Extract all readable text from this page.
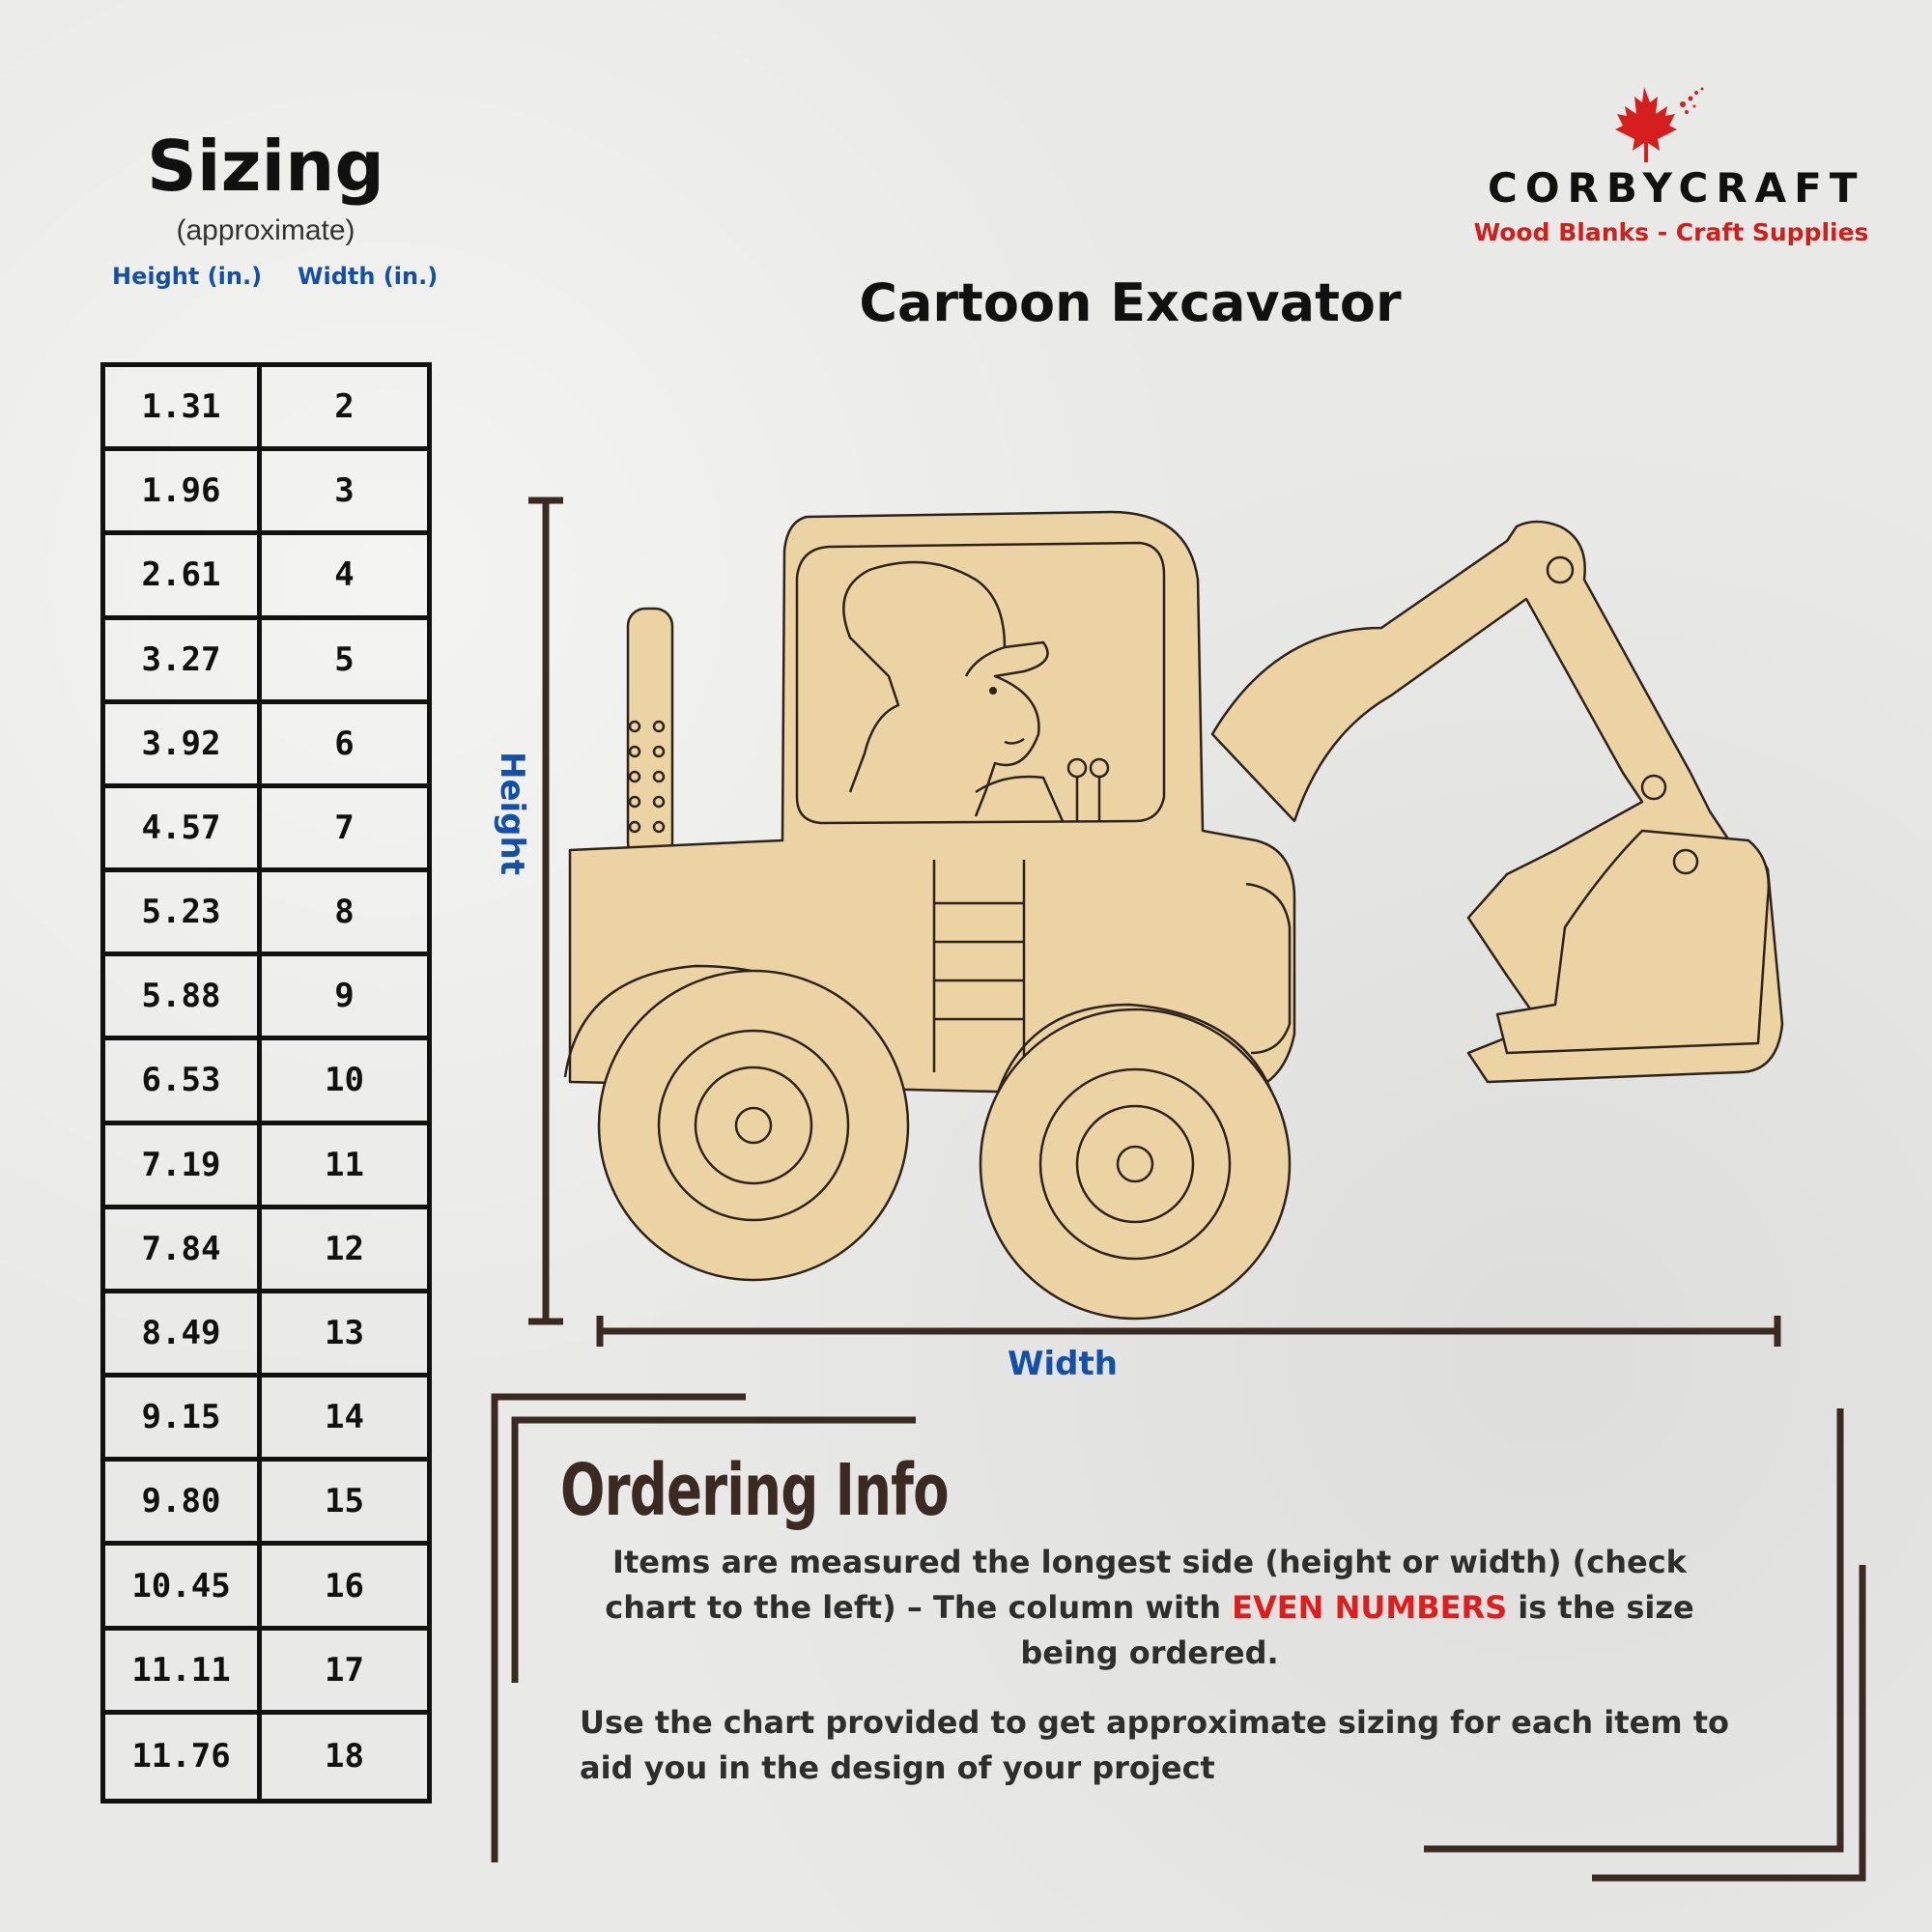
Sizing
(approximate)
Height (in.) Width (in.)
1.31	2
1.96	3
2.61	4
3.27	5
3.92	6
4.57	7
5.23	8
5.88	9
6.53	10
7.19	11
7.84	12
8.49	13
9.15	14
9.80	15
10.45	16
11.11	17
11.76	18
CORBYCRAFT
Wood Blanks - Craft Supplies
Cartoon Excavator
Height
Width
Ordering Info
Items are measured the longest side (height or width) (check chart to the left) – The column with EVEN NUMBERS is the size being ordered.
Use the chart provided to get approximate sizing for each item to aid you in the design of your project
